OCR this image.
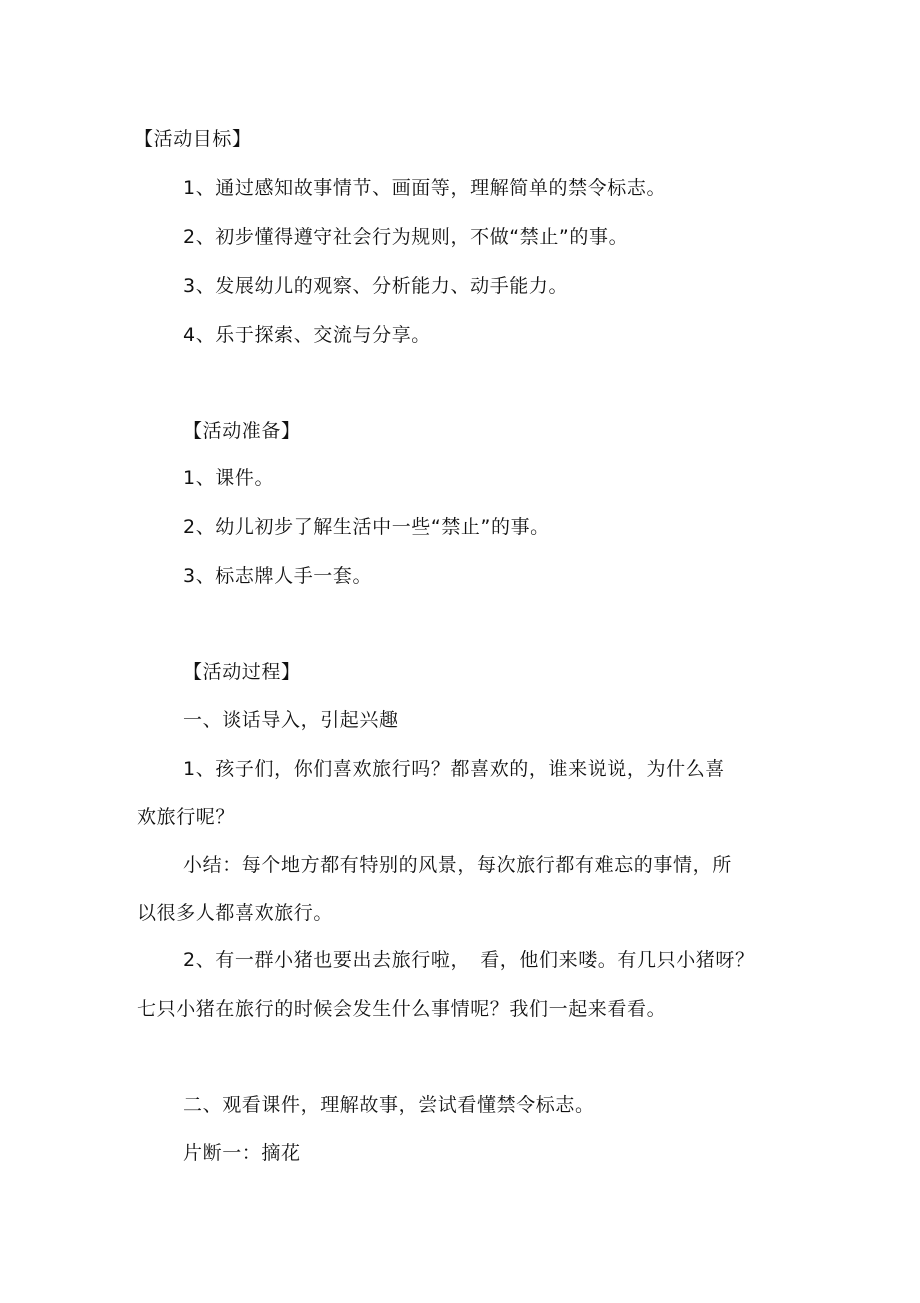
【活动目标】
1、通过感知故事情节、画面等，理解简单的禁令标志。
2、初步懂得遵守社会行为规则，不做“禁止”的事。
3、发展幼儿的观察、分析能力、动手能力。
4、乐于探索、交流与分享。
【活动准备】
1、课件。
2、幼儿初步了解生活中一些“禁止”的事。
3、标志牌人手一套。
【活动过程】
一、谈话导入，引起兴趣
1、孩子们，你们喜欢旅行吗？都喜欢的，谁来说说，为什么喜
欢旅行呢？
小结：每个地方都有特别的风景，每次旅行都有难忘的事情，所
以很多人都喜欢旅行。
2、有一群小猪也要出去旅行啦，　看，他们来喽。有几只小猪呀？
七只小猪在旅行的时候会发生什么事情呢？我们一起来看看。
二、观看课件，理解故事，尝试看懂禁令标志。
片断一：摘花
